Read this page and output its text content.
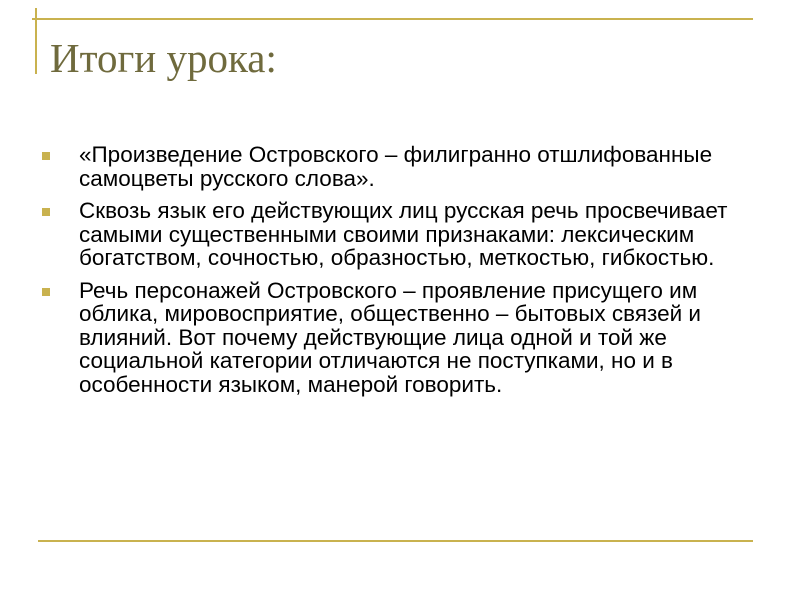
Итоги урока:
«Произведение Островского – филигранно отшлифованные самоцветы русского слова».
Сквозь язык его действующих лиц русская речь просвечивает самыми существенными своими признаками: лексическим богатством, сочностью, образностью, меткостью, гибкостью.
Речь персонажей Островского – проявление присущего им облика, мировосприятие, общественно – бытовых связей и влияний. Вот почему действующие лица одной и той же социальной категории отличаются не поступками, но и в особенности языком, манерой говорить.
